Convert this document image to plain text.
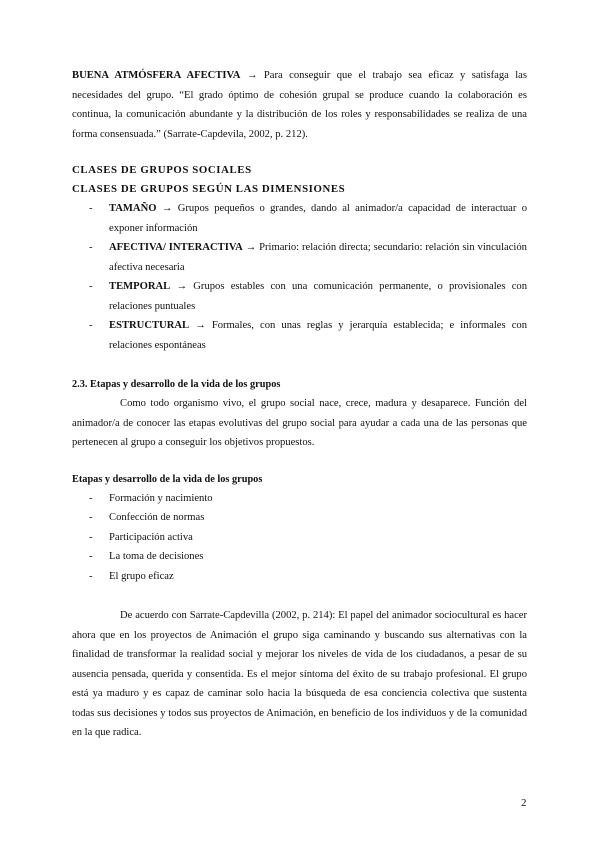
BUENA ATMÓSFERA AFECTIVA → Para conseguir que el trabajo sea eficaz y satisfaga las necesidades del grupo. “El grado óptimo de cohesión grupal se produce cuando la colaboración es continua, la comunicación abundante y la distribución de los roles y responsabilidades se realiza de una forma consensuada.” (Sarrate-Capdevila, 2002, p. 212).

CLASES DE GRUPOS SOCIALES
CLASES DE GRUPOS SEGÚN LAS DIMENSIONES
- TAMAÑO → Grupos pequeños o grandes, dando al animador/a capacidad de interactuar o exponer información
- AFECTIVA/ INTERACTIVA → Primario: relación directa; secundario: relación sin vinculación afectiva necesaria
- TEMPORAL → Grupos estables con una comunicación permanente, o provisionales con relaciones puntuales
- ESTRUCTURAL → Formales, con unas reglas y jerarquía establecida; e informales con relaciones espontáneas
2.3. Etapas y desarrollo de la vida de los grupos

Como todo organismo vivo, el grupo social nace, crece, madura y desaparece. Función del animador/a de conocer las etapas evolutivas del grupo social para ayudar a cada una de las personas que pertenecen al grupo a conseguir los objetivos propuestos.

Etapas y desarrollo de la vida de los grupos
- Formación y nacimiento
- Confección de normas
- Participación activa
- La toma de decisiones
- El grupo eficaz

De acuerdo con Sarrate-Capdevilla (2002, p. 214): El papel del animador sociocultural es hacer ahora que en los proyectos de Animación el grupo siga caminando y buscando sus alternativas con la finalidad de transformar la realidad social y mejorar los niveles de vida de los ciudadanos, a pesar de su ausencia pensada, querida y consentida. Es el mejor síntoma del éxito de su trabajo profesional. El grupo está ya maduro y es capaz de caminar solo hacia la búsqueda de esa conciencia colectiva que sustenta todas sus decisiones y todos sus proyectos de Animación, en beneficio de los individuos y de la comunidad en la que radica.

2
